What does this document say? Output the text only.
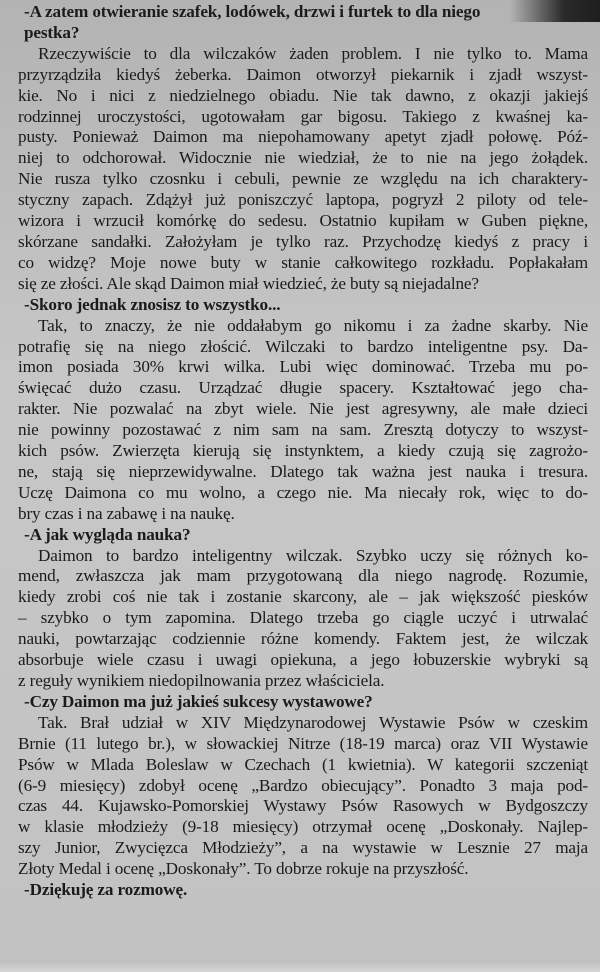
-A zatem otwieranie szafek, lodówek, drzwi i furtek to dla niego
pestka?
Rzeczywiście to dla wilczaków żaden problem. I nie tylko to. Mama
przyrządziła kiedyś żeberka. Daimon otworzył piekarnik i zjadł wszyst-
kie. No i nici z niedzielnego obiadu. Nie tak dawno, z okazji jakiejś
rodzinnej uroczystości, ugotowałam gar bigosu. Takiego z kwaśnej ka-
pusty. Ponieważ Daimon ma niepohamowany apetyt zjadł połowę. Póź-
niej to odchorował. Widocznie nie wiedział, że to nie na jego żołądek.
Nie rusza tylko czosnku i cebuli, pewnie ze względu na ich charaktery-
styczny zapach. Zdążył już poniszczyć laptopa, pogryzł 2 piloty od tele-
wizora i wrzucił komórkę do sedesu. Ostatnio kupiłam w Guben piękne,
skórzane sandałki. Założyłam je tylko raz. Przychodzę kiedyś z pracy i
co widzę? Moje nowe buty w stanie całkowitego rozkładu. Popłakałam
się ze złości. Ale skąd Daimon miał wiedzieć, że buty są niejadalne?
-Skoro jednak znosisz to wszystko...
Tak, to znaczy, że nie oddałabym go nikomu i za żadne skarby. Nie
potrafię się na niego złościć. Wilczaki to bardzo inteligentne psy. Da-
imon posiada 30% krwi wilka. Lubi więc dominować. Trzeba mu po-
święcać dużo czasu. Urządzać długie spacery. Kształtować jego cha-
rakter. Nie pozwalać na zbyt wiele. Nie jest agresywny, ale małe dzieci
nie powinny pozostawać z nim sam na sam. Zresztą dotyczy to wszyst-
kich psów. Zwierzęta kierują się instynktem, a kiedy czują się zagrożo-
ne, stają się nieprzewidywalne. Dlatego tak ważna jest nauka i tresura.
Uczę Daimona co mu wolno, a czego nie. Ma niecały rok, więc to do-
bry czas i na zabawę i na naukę.
-A jak wygląda nauka?
Daimon to bardzo inteligentny wilczak. Szybko uczy się różnych ko-
mend, zwłaszcza jak mam przygotowaną dla niego nagrodę. Rozumie,
kiedy zrobi coś nie tak i zostanie skarcony, ale – jak większość piesków
– szybko o tym zapomina. Dlatego trzeba go ciągle uczyć i utrwalać
nauki, powtarzając codziennie różne komendy. Faktem jest, że wilczak
absorbuje wiele czasu i uwagi opiekuna, a jego łobuzerskie wybryki są
z reguły wynikiem niedopilnowania przez właściciela.
-Czy Daimon ma już jakieś sukcesy wystawowe?
Tak. Brał udział w XIV Międzynarodowej Wystawie Psów w czeskim
Brnie (11 lutego br.), w słowackiej Nitrze (18-19 marca) oraz VII Wystawie
Psów w Mlada Boleslaw w Czechach (1 kwietnia). W kategorii szczeniąt
(6-9 miesięcy) zdobył ocenę „Bardzo obiecujący”. Ponadto 3 maja pod-
czas 44. Kujawsko-Pomorskiej Wystawy Psów Rasowych w Bydgoszczy
w klasie młodzieży (9-18 miesięcy) otrzymał ocenę „Doskonały. Najlep-
szy Junior, Zwycięzca Młodzieży”, a na wystawie w Lesznie 27 maja
Złoty Medal i ocenę „Doskonały”. To dobrze rokuje na przyszłość.
-Dziękuję za rozmowę.
